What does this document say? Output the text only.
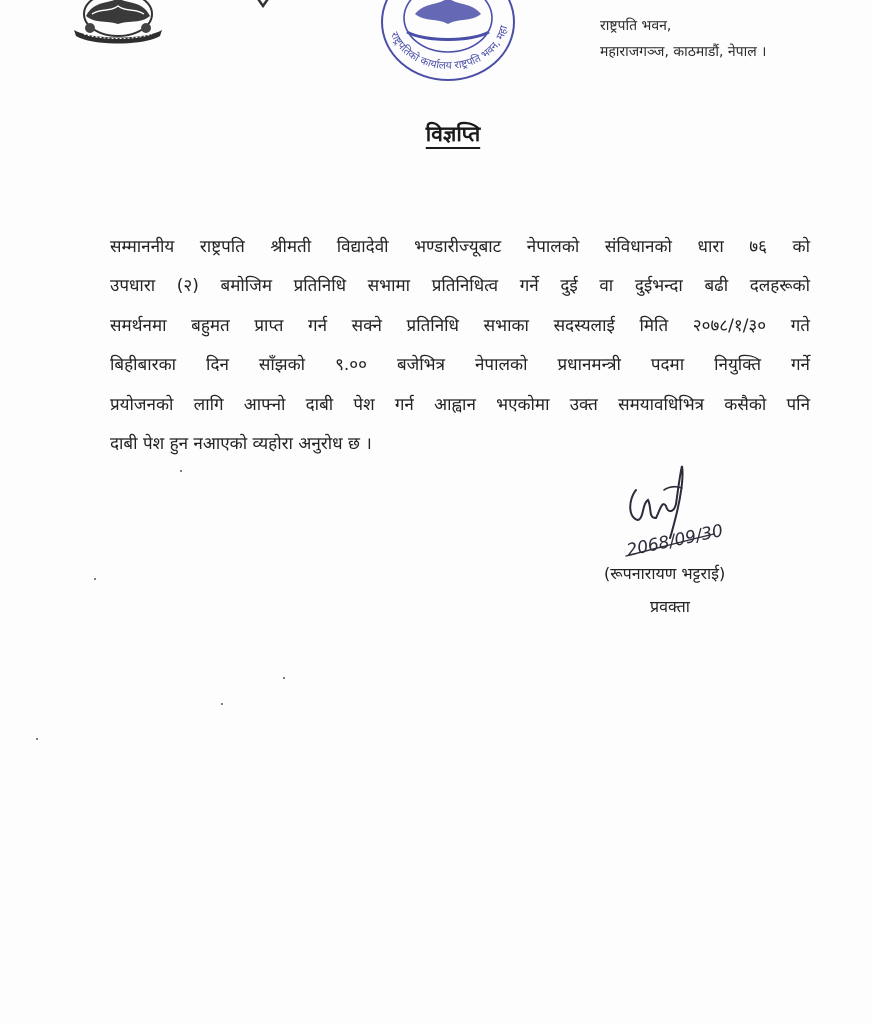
राष्ट्रपतिको कार्यालय राष्ट्रपति भवन, महा	राष्ट्रपति भवन,
महाराजगञ्ज, काठमाडौं, नेपाल ।
विज्ञप्ति
सम्माननीय राष्ट्रपति श्रीमती विद्यादेवी भण्डारीज्यूबाट नेपालको संविधानको धारा ७६ को
उपधारा (२) बमोजिम प्रतिनिधि सभामा प्रतिनिधित्व गर्ने दुई वा दुईभन्दा बढी दलहरूको
समर्थनमा बहुमत प्राप्त गर्न सक्ने प्रतिनिधि सभाका सदस्यलाई मिति २०७८/१/३० गते
बिहीबारका दिन साँझको ९.०० बजेभित्र नेपालको प्रधानमन्त्री पदमा नियुक्ति गर्ने
प्रयोजनको लागि आफ्नो दाबी पेश गर्न आह्वान भएकोमा उक्त समयावधिभित्र कसैको पनि
दाबी पेश हुन नआएको व्यहोरा अनुरोध छ ।
2068/09/30
(रूपनारायण भट्टराई)
प्रवक्ता
